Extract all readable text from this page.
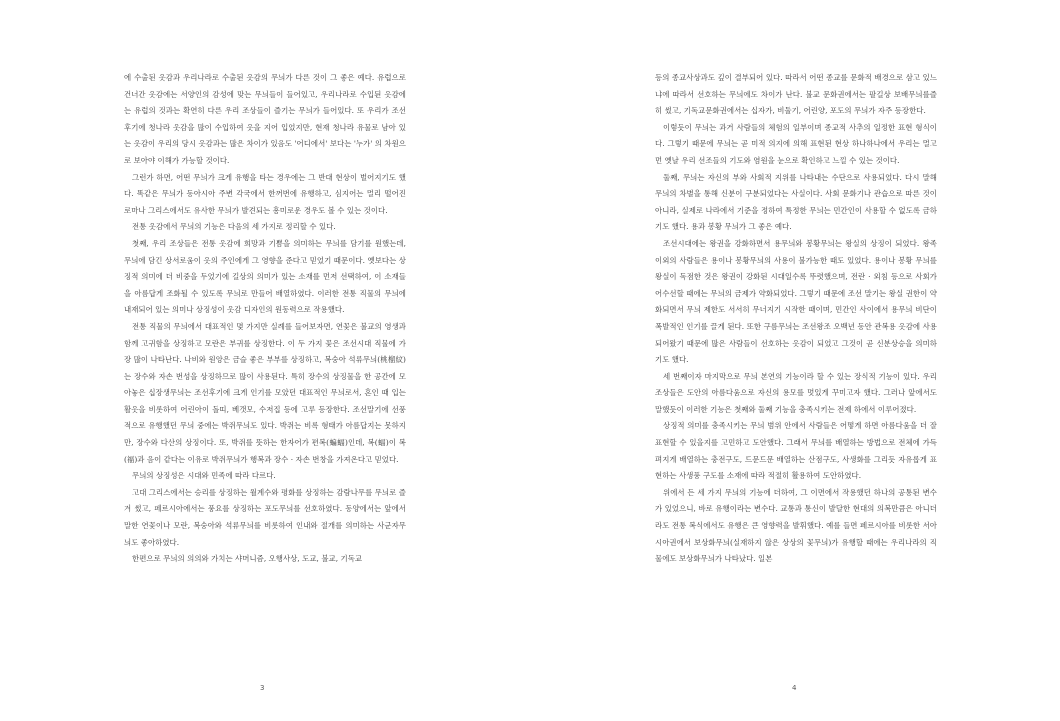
에 수출된 옷감과 우리나라로 수출된 옷감의 무늬가 다른 것이 그 좋은 예다. 유럽으로 건너간 옷감에는 서양인의 감성에 맞는 무늬들이 들어있고, 우리나라로 수입된 옷감에는 유럽의 것과는 확연히 다른 우리 조상들이 즐기는 무늬가 들어있다. 또 우리가 조선 후기에 청나라 옷감을 많이 수입하여 옷을 지어 입었지만, 현재 청나라 유물로 남아 있는 옷감이 우리의 당시 옷감과는 많은 차이가 있음도 '어디에서' 보다는 '누가' 의 차원으로 보아야 이해가 가능할 것이다.

그런가 하면, 어떤 무늬가 크게 유행을 타는 경우에는 그 반대 현상이 벌어지기도 했다. 똑같은 무늬가 동아시아 주변 각국에서 한꺼번에 유행하고, 심지어는 멀리 떨어진 로마나 그리스에서도 유사한 무늬가 발견되는 흥미로운 경우도 볼 수 있는 것이다.

전통 옷감에서 무늬의 기능은 다음의 세 가지로 정리할 수 있다.

첫째, 우리 조상들은 전통 옷감에 희망과 기쁨을 의미하는 무늬를 담기를 원했는데, 무늬에 담긴 상서로움이 옷의 주인에게 그 영향을 준다고 믿었기 때문이다. 옛보다는 상징적 의미에 더 비중을 두었기에 길상의 의미가 있는 소재를 먼저 선택하여, 이 소재들을 아름답게 조화될 수 있도록 무늬로 만들어 배열하였다. 이러한 전통 직물의 무늬에 내재되어 있는 의미나 상징성이 옷감 디자인의 원동력으로 작용했다.

전통 직물의 무늬에서 대표적인 몇 가지만 실례를 들어보자면, 연꽃은 불교의 영생과 함께 고귀함을 상징하고 모란은 부귀를 상징한다. 이 두 가지 꽃은 조선시대 직물에 가장 많이 나타난다. 나비와 원앙은 금슬 좋은 부부를 상징하고, 복숭아 석류무늬(桃榴紋)는 장수와 자손 번성을 상징하므로 많이 사용된다. 특히 장수의 상징물을 한 공간에 모아놓은 십장생무늬는 조선후기에 크게 인기를 모았던 대표적인 무늬로서, 혼인 때 입는 활옷을 비롯하여 어린아이 돌띠, 베갯모, 수저집 등에 고루 등장한다. 조선말기에 선풍적으로 유행했던 무늬 중에는 박쥐무늬도 있다. 박쥐는 비록 형태가 아름답지는 못하지만, 장수와 다산의 상징이다. 또, 박쥐를 뜻하는 한자어가 편복(蝙蝠)인데, 복(蝠)이 복(福)과 음이 같다는 이유로 박쥐무늬가 행복과 장수 · 자손 번창을 가져온다고 믿었다.

무늬의 상징성은 시대와 민족에 따라 다르다.

고대 그리스에서는 승리를 상징하는 월계수와 평화를 상징하는 감람나무를 무늬로 즐겨 썼고, 페르시아에서는 풍요를 상징하는 포도무늬를 선호하였다. 동양에서는 앞에서 말한 연꽃이나 모란, 복숭아와 석류무늬를 비롯하여 인내와 절개를 의미하는 사군자무늬도 좋아하였다.

한편으로 무늬의 의의와 가치는 샤머니즘, 오행사상, 도교, 불교, 기독교

3

등의 종교사상과도 깊이 결부되어 있다. 따라서 어떤 종교를 문화적 배경으로 삼고 있느냐에 따라서 선호하는 무늬에도 차이가 난다. 불교 문화권에서는 팔길상 보배무늬를즐히 썼고, 기독교문화권에서는 십자가, 비둘기, 어린양, 포도의 무늬가 자주 등장한다.

이렇듯이 무늬는 과거 사람들의 체험의 일부이며 종교적 사추의 일정한 표현 형식이다. 그렇기 때문에 무늬는 곧 미적 의지에 의해 표현된 현상 하나하나에서 우리는 멀고 먼 옛날 우리 선조들의 기도와 염원을 눈으로 확인하고 느낄 수 있는 것이다.

둘째, 무늬는 자신의 부와 사회적 지위를 나타내는 수단으로 사용되었다. 다시 말해 무늬의 차별을 통해 신분이 구분되었다는 사실이다. 사회 문화기나 관습으로 따른 것이 아니라, 실제로 나라에서 기준을 정하여 특정한 무늬는 민간인이 사용할 수 없도록 금하기도 했다. 용과 봉황 무늬가 그 좋은 예다.

조선시대에는 왕권을 강화하면서 용무늬와 봉황무늬는 왕실의 상징이 되었다. 왕족 이외의 사람들은 용이나 봉황무늬의 사용이 불가능한 때도 있었다. 용이나 봉황 무늬를 왕실이 독점한 것은 왕권이 강화된 시대일수록 뚜렷했으며, 전란 · 외침 등으로 사회가 어수선할 때에는 무늬의 금제가 약화되었다. 그렇기 때문에 조선 말기는 왕실 권한이 약화되면서 무늬 제한도 서서히 무너지기 시작한 때이며, 민간인 사이에서 용무늬 비단이 폭발적인 인기를 끌게 된다. 또한 구름무늬는 조선왕조 오백년 동안 관복용 옷감에 사용되어왔기 때문에 많은 사람들이 선호하는 옷감이 되었고 그것이 곧 신분상승을 의미하기도 했다.

세 번째이자 마지막으로 무늬 본연의 기능이라 할 수 있는 장식적 기능이 있다. 우리 조상들은 도안의 아름다움으로 자신의 용모를 멋있게 꾸미고자 했다. 그러나 앞에서도 말했듯이 이러한 기능은 첫째와 둘째 기능을 충족시키는 전제 하에서 이루어졌다.

상징적 의미를 충족시키는 무늬 범위 안에서 사람들은 어떻게 하면 아름다움을 더 잘 표현할 수 있을지를 고민하고 도안했다. 그래서 무늬를 배열하는 방법으로 전체에 가득 펴지게 배열하는 충전구도, 드문드문 배열하는 산점구도, 사생화를 그리듯 자유롭게 표현하는 사생풍 구도를 소재에 따라 적절히 활용하여 도안하였다.

위에서 든 세 가지 무늬의 기능에 더하여, 그 이면에서 작용했던 하나의 공통된 변수가 있었으니, 바로 유행이라는 변수다. 교통과 통신이 발달한 현대의 의복만큼은 아니더라도 전통 복식에서도 유행은 큰 영향력을 발휘했다. 예를 들면 페르시아를 비롯한 서아시아권에서 보상화무늬(실재하지 않은 상상의 꽃무늬)가 유행할 때에는 우리나라의 직물에도 보상화무늬가 나타났다. 일본

4
